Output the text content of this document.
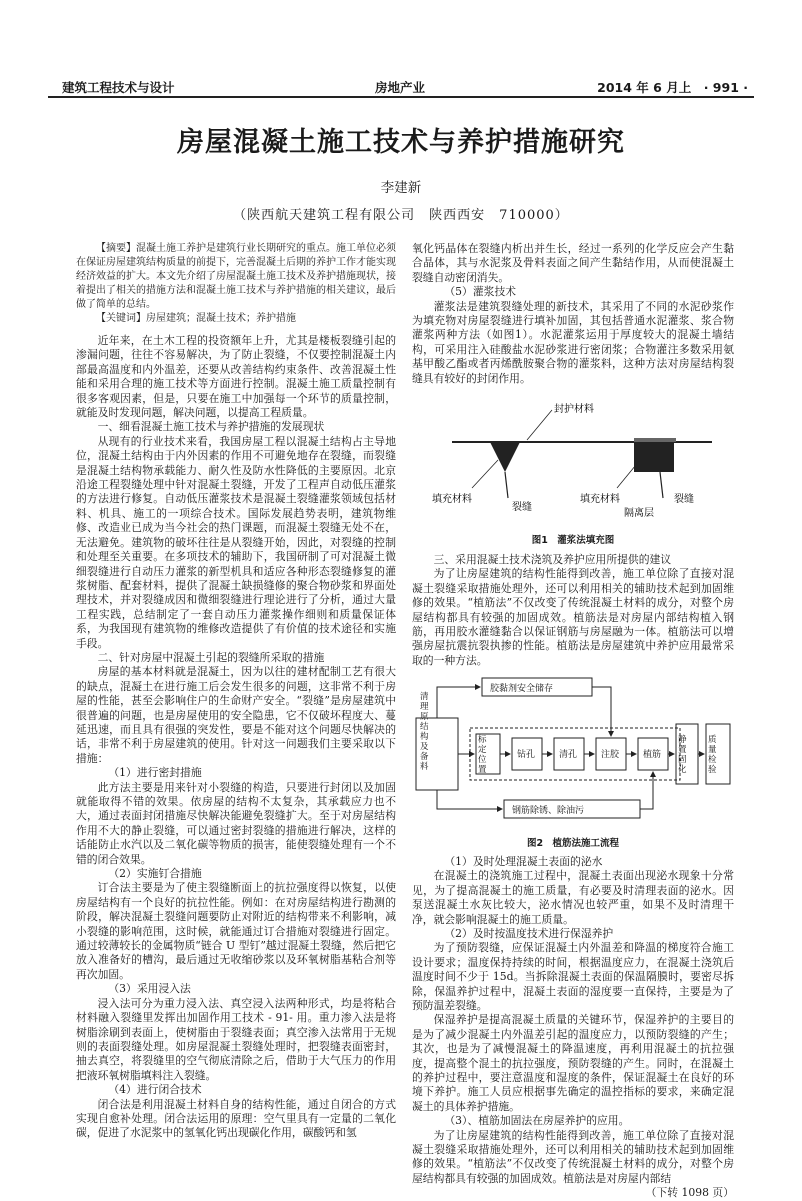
建筑工程技术与设计	房地产业	2014 年 6 月上　· 991 ·
房屋混凝土施工技术与养护措施研究
李建新
（陕西航天建筑工程有限公司　陕西西安　710000）

【摘要】混凝土施工养护是建筑行业长期研究的重点。施工单位必须在保证房屋建筑结构质量的前提下，完善混凝土后期的养护工作才能实现经济效益的扩大。本文先介绍了房屋混凝土施工技术及养护措施现状，接着提出了相关的措施方法和混凝土施工技术与养护措施的相关建议，最后做了简单的总结。

【关键词】房屋建筑；混凝土技术；养护措施

近年来，在土木工程的投资额年上升，尤其是楼板裂缝引起的渗漏问题，往往不容易解决，为了防止裂缝，不仅要控制混凝土内部最高温度和内外温差，还要从改善结构约束条件、改善混凝土性能和采用合理的施工技术等方面进行控制。混凝土施工质量控制有很多客观因素，但是，只要在施工中加强每一个环节的质量控制，就能及时发现问题，解决问题，以提高工程质量。

一、细看混凝土施工技术与养护措施的发展现状

从现有的行业技术来看，我国房屋工程以混凝土结构占主导地位，混凝土结构由于内外因素的作用不可避免地存在裂缝，而裂缝是混凝土结构物承载能力、耐久性及防水性降低的主要原因。北京沿途工程裂缝处理中针对混凝土裂缝，开发了工程声自动低压灌浆的方法进行修复。自动低压灌浆技术是混凝土裂缝灌浆领域包括材料、机具、施工的一项综合技术。国际发展趋势表明，建筑物维修、改造业已成为当今社会的热门课题，而混凝土裂缝无处不在，无法避免。建筑物的破坏往往是从裂缝开始，因此，对裂缝的控制和处理至关重要。在多项技术的辅助下，我国研制了可对混凝土微细裂缝进行自动压力灌浆的新型机具和适应各种形态裂缝修复的灌浆树脂、配套材料，提供了混凝土缺损缝修的聚合物砂浆和界面处理技术，并对裂缝成因和微细裂缝进行理论进行了分析，通过大量工程实践，总结制定了一套自动压力灌浆操作细则和质量保证体系，为我国现有建筑物的维修改造提供了有价值的技术途径和实施手段。

二、针对房屋中混凝土引起的裂缝所采取的措施

房屋的基本材料就是混凝土，因为以往的建材配制工艺有很大的缺点，混凝土在进行施工后会发生很多的问题，这非常不利于房屋的性能，甚至会影响住户的生命财产安全。“裂缝”是房屋建筑中很普遍的问题，也是房屋使用的安全隐患，它不仅破坏程度大、蔓延迅速，而且具有很强的突发性，要是不能对这个问题尽快解决的话，非常不利于房屋建筑的使用。针对这一问题我们主要采取以下措施：

（1）进行密封措施

此方法主要是用来针对小裂缝的构造，只要进行封闭以及加固就能取得不错的效果。依房屋的结构不太复杂，其承载应力也不大，通过表面封闭措施尽快解决能避免裂缝扩大。至于对房屋结构作用不大的静止裂缝，可以通过密封裂缝的措施进行解决，这样的话能防止水汽以及二氧化碳等物质的损害，能使裂缝处理有一个不错的闭合效果。

（2）实施钉合措施

订合法主要是为了使主裂缝断面上的抗拉强度得以恢复，以使房屋结构有一个良好的抗拉性能。例如：在对房屋结构进行勘测的阶段，解决混凝土裂缝问题要防止对附近的结构带来不利影响，减小裂缝的影响范围，这时候，就能通过订合措施对裂缝进行固定。通过较薄较长的金属物质“链合 U 型钉”越过混凝土裂缝，然后把它放入准备好的槽沟，最后通过无收缩砂浆以及环氧树脂基粘合剂等再次加固。

（3）采用浸入法

浸入法可分为重力浸入法、真空浸入法两种形式，均是将粘合材料融入裂缝里发挥出加固作用工技术 - 91- 用。重力渗入法是将树脂涂刷到表面上，使树脂由于裂缝表面；真空渗入法常用于无规则的表面裂缝处理。如房屋混凝土裂缝处理时，把裂缝表面密封，抽去真空，将裂缝里的空气彻底清除之后，借助于大气压力的作用把液环氧树脂填料注入裂缝。

（4）进行闭合技术

闭合法是利用混凝土材料自身的结构性能，通过自闭合的方式实现自愈补处理。闭合法运用的原理：空气里具有一定量的二氧化碳，促进了水泥浆中的氢氧化钙出现碳化作用，碳酸钙和氢

氧化钙晶体在裂缝内析出并生长，经过一系列的化学反应会产生黏合晶体，其与水泥浆及骨料表面之间产生黏结作用，从而使混凝土裂缝自动密闭消失。

（5）灌浆技术

灌浆法是建筑裂缝处理的新技术，其采用了不同的水泥砂浆作为填充物对房屋裂缝进行填补加固，其包括普通水泥灌浆、浆合物灌浆两种方法（如图1）。水泥灌浆运用于厚度较大的混凝土墙结构，可采用注入硅酸盐水泥砂浆进行密闭浆；合物灌注多数采用氨基甲酸乙酯或者丙烯酰胺聚合物的灌浆料，这种方法对房屋结构裂缝具有较好的封闭作用。

封护材料
填充材料
裂缝
填充材料	裂缝
隔离层

图1　灌浆法填充图

三、采用混凝土技术浇筑及养护应用所提供的建议

为了让房屋建筑的结构性能得到改善，施工单位除了直接对混凝土裂缝采取措施处理外，还可以利用相关的辅助技术起到加固维修的效果。“植筋法”不仅改变了传统混凝土材料的成分，对整个房屋结构都具有较强的加固成效。植筋法是对房屋内部结构植入钢筋，再用胶水灌缝黏合以保证钢筋与房屋融为一体。植筋法可以增强房屋抗震抗裂执掺的性能。植筋法是房屋建筑中养护应用最常采取的一种方法。

胶黏剂安全储存
清理原结构及备料
标定位置
钻孔	清孔	注胶	植筋
静置固化
质量检验
钢筋除锈、除油污

图2　植筋法施工流程

（1）及时处理混凝土表面的泌水

在混凝土的浇筑施工过程中，混凝土表面出现泌水现象十分常见，为了提高混凝土的施工质量，有必要及时清理表面的泌水。因泵送混凝土水灰比较大，泌水情况也较严重，如果不及时清理干净，就会影响混凝土的施工质量。

（2）及时按温度技术进行保湿养护

为了预防裂缝，应保证混凝土内外温差和降温的梯度符合施工设计要求；温度保持持续的时间，根据温度应力，在混凝土浇筑后温度时间不少于 15d。当拆除混凝土表面的保温隔膜时，要密尽拆除，保温养护过程中，混凝土表面的湿度要一直保持，主要是为了预防温差裂缝。

保湿养护是提高混凝土质量的关键环节，保湿养护的主要目的是为了减少混凝土内外温差引起的温度应力，以预防裂缝的产生；其次，也是为了减慢混凝土的降温速度，再利用混凝土的抗拉强度，提高整个混土的抗拉强度，预防裂缝的产生。同时，在混凝土的养护过程中，要注意温度和湿度的条件，保证混凝土在良好的环境下养护。施工人员应根据事先确定的温控指标的要求，来确定混凝土的具体养护措施。

（3）、植筋加固法在房屋养护的应用。

为了让房屋建筑的结构性能得到改善，施工单位除了直接对混凝土裂缝采取措施处理外，还可以利用相关的辅助技术起到加固维修的效果。“植筋法”不仅改变了传统混凝土材料的成分，对整个房屋结构都具有较强的加固成效。植筋法是对房屋内部结

（下转 1098 页）
